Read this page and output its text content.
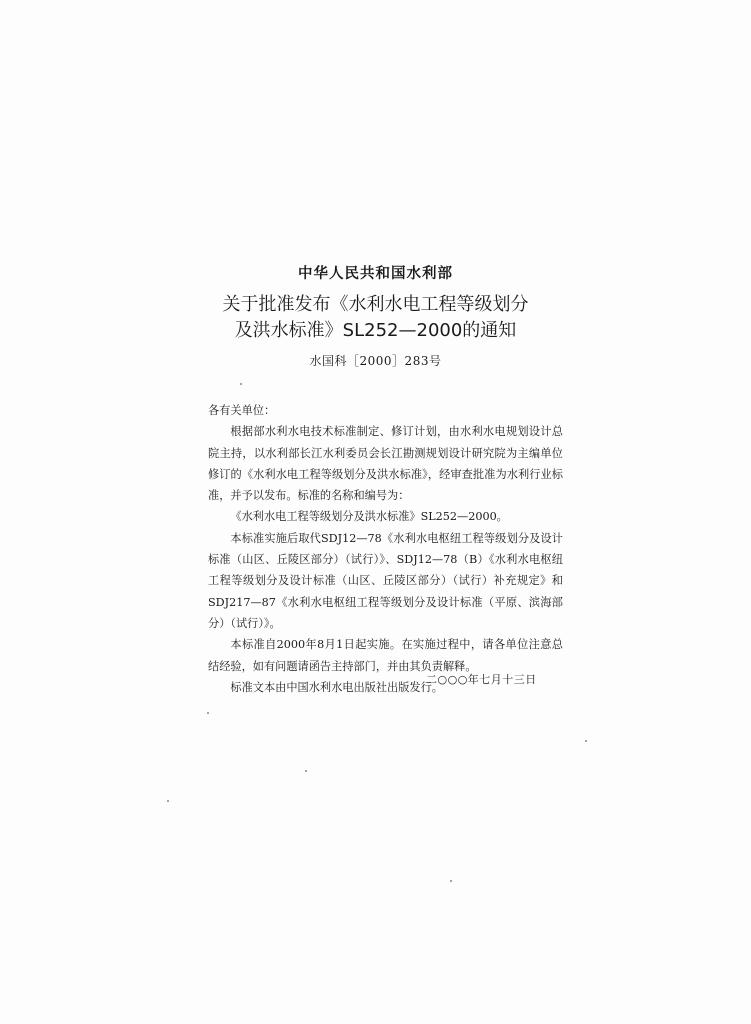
中华人民共和国水利部
关于批准发布《水利水电工程等级划分
及洪水标准》SL252—2000的通知
水国科［2000］283号

各有关单位：

根据部水利水电技术标准制定、修订计划，由水利水电规划设计总院主持，以水利部长江水利委员会长江勘测规划设计研究院为主编单位修订的《水利水电工程等级划分及洪水标准》，经审查批准为水利行业标准，并予以发布。标准的名称和编号为：

《水利水电工程等级划分及洪水标准》SL252—2000。

本标准实施后取代SDJ12—78《水利水电枢纽工程等级划分及设计标准（山区、丘陵区部分）（试行）》、SDJ12—78（B）《水利水电枢纽工程等级划分及设计标准（山区、丘陵区部分）（试行）补充规定》和SDJ217—87《水利水电枢纽工程等级划分及设计标准（平原、滨海部分）（试行）》。

本标准自2000年8月1日起实施。在实施过程中，请各单位注意总结经验，如有问题请函告主持部门，并由其负责解释。

标准文本由中国水利水电出版社出版发行。

二○○○年七月十三日
